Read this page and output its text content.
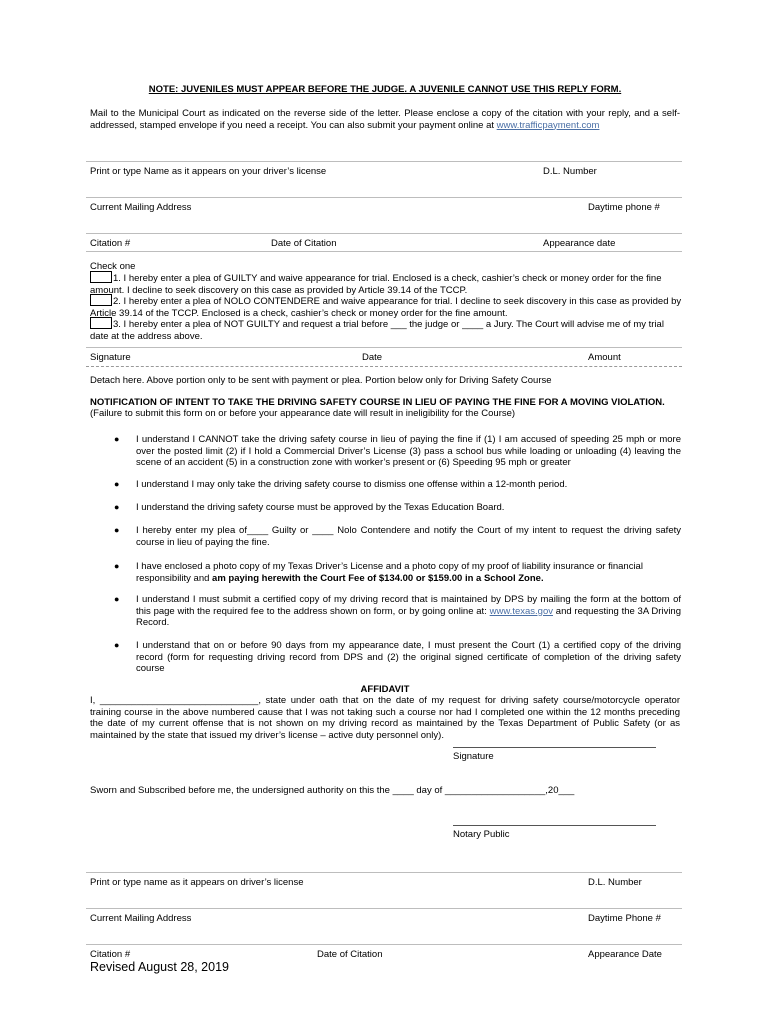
NOTE: JUVENILES MUST APPEAR BEFORE THE JUDGE. A JUVENILE CANNOT USE THIS REPLY FORM.
Mail to the Municipal Court as indicated on the reverse side of the letter. Please enclose a copy of the citation with your reply, and a self-addressed, stamped envelope if you need a receipt. You can also submit your payment online at www.trafficpayment.com
Print or type Name as it appears on your driver’s license	D.L. Number
Current Mailing Address	Daytime phone #
Citation #	Date of Citation	Appearance date
Check one
1. I hereby enter a plea of GUILTY and waive appearance for trial. Enclosed is a check, cashier’s check or money order for the fine amount. I decline to seek discovery on this case as provided by Article 39.14 of the TCCP.
2. I hereby enter a plea of NOLO CONTENDERE and waive appearance for trial. I decline to seek discovery in this case as provided by Article 39.14 of the TCCP. Enclosed is a check, cashier’s check or money order for the fine amount.
3. I hereby enter a plea of NOT GUILTY and request a trial before ___ the judge or ____ a Jury. The Court will advise me of my trial date at the address above.
Signature	Date	Amount
Detach here. Above portion only to be sent with payment or plea. Portion below only for Driving Safety Course
NOTIFICATION OF INTENT TO TAKE THE DRIVING SAFETY COURSE IN LIEU OF PAYING THE FINE FOR A MOVING VIOLATION.
(Failure to submit this form on or before your appearance date will result in ineligibility for the Course)
● I understand I CANNOT take the driving safety course in lieu of paying the fine if (1) I am accused of speeding 25 mph or more over the posted limit (2) if I hold a Commercial Driver’s License (3) pass a school bus while loading or unloading (4) leaving the scene of an accident (5) in a construction zone with worker’s present or (6) Speeding 95 mph or greater
● I understand I may only take the driving safety course to dismiss one offense within a 12-month period.
● I understand the driving safety course must be approved by the Texas Education Board.
● I hereby enter my plea of____ Guilty or ____ Nolo Contendere and notify the Court of my intent to request the driving safety course in lieu of paying the fine.
● I have enclosed a photo copy of my Texas Driver’s License and a photo copy of my proof of liability insurance or financial responsibility and am paying herewith the Court Fee of $134.00 or $159.00 in a School Zone.
● I understand I must submit a certified copy of my driving record that is maintained by DPS by mailing the form at the bottom of this page with the required fee to the address shown on form, or by going online at: www.texas.gov and requesting the 3A Driving Record.
● I understand that on or before 90 days from my appearance date, I must present the Court (1) a certified copy of the driving record (form for requesting driving record from DPS and (2) the original signed certificate of completion of the driving safety course
AFFIDAVIT
I, ______________________________, state under oath that on the date of my request for driving safety course/motorcycle operator training course in the above numbered cause that I was not taking such a course nor had I completed one within the 12 months preceding the date of my current offense that is not shown on my driving record as maintained by the Texas Department of Public Safety (or as maintained by the state that issued my driver’s license – active duty personnel only).
Signature
Sworn and Subscribed before me, the undersigned authority on this the ____ day of ___________________,20___
Notary Public
Print or type name as it appears on driver’s license	D.L. Number
Current Mailing Address	Daytime Phone #
Citation #	Date of Citation	Appearance Date
Revised August 28, 2019
